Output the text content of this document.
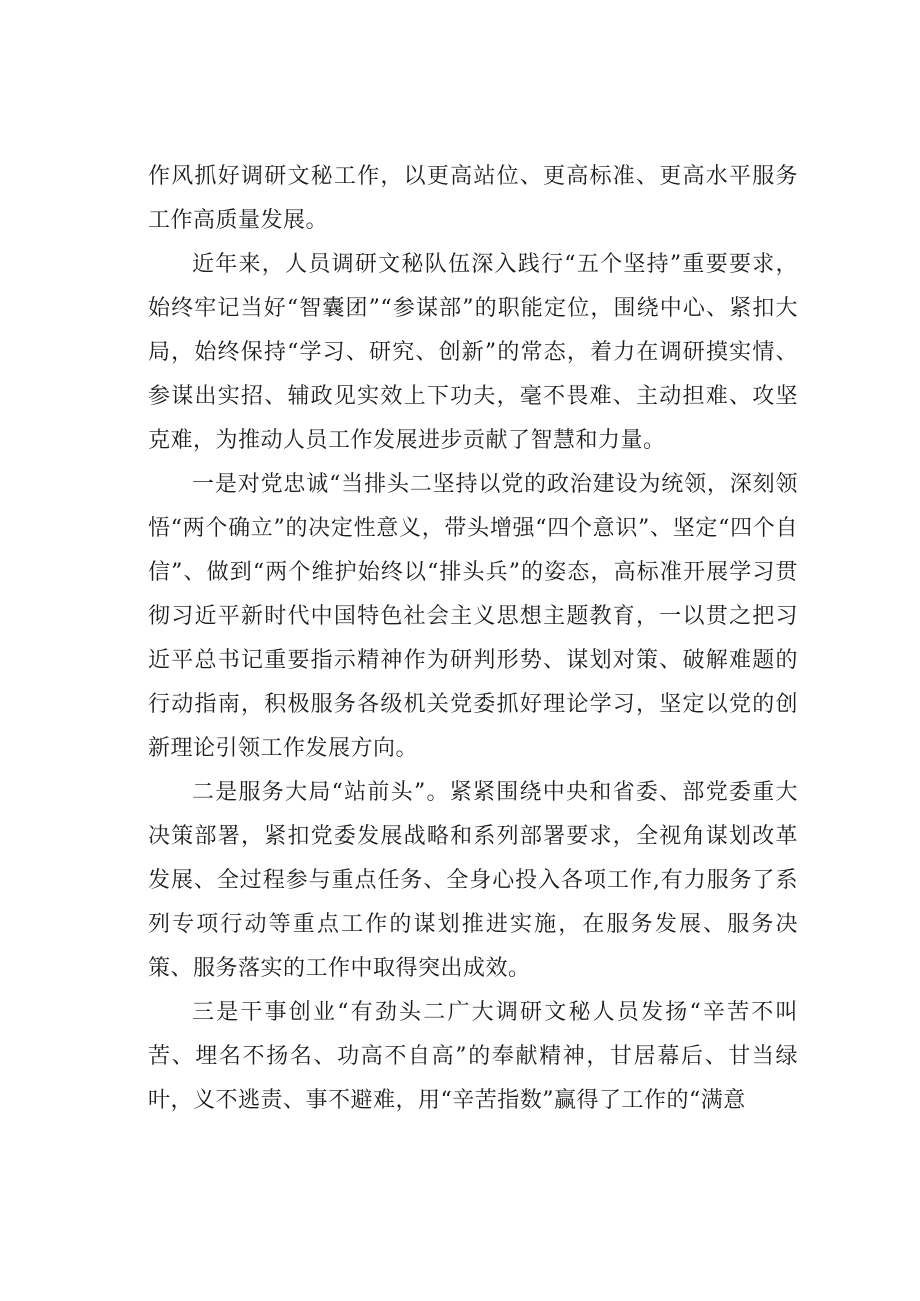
作风抓好调研文秘工作，以更高站位、更高标准、更高水平服务工作高质量发展。

近年来，人员调研文秘队伍深入践行“五个坚持”重要要求，始终牢记当好“智囊团”“参谋部”的职能定位，围绕中心、紧扣大局，始终保持“学习、研究、创新”的常态，着力在调研摸实情、参谋出实招、辅政见实效上下功夫，毫不畏难、主动担难、攻坚克难，为推动人员工作发展进步贡献了智慧和力量。

一是对党忠诚“当排头二坚持以党的政治建设为统领，深刻领悟“两个确立”的决定性意义，带头增强“四个意识”、坚定“四个自信”、做到“两个维护始终以“排头兵”的姿态，高标准开展学习贯彻习近平新时代中国特色社会主义思想主题教育，一以贯之把习近平总书记重要指示精神作为研判形势、谋划对策、破解难题的行动指南，积极服务各级机关党委抓好理论学习，坚定以党的创新理论引领工作发展方向。

二是服务大局“站前头”。紧紧围绕中央和省委、部党委重大决策部署，紧扣党委发展战略和系列部署要求，全视角谋划改革发展、全过程参与重点任务、全身心投入各项工作,有力服务了系列专项行动等重点工作的谋划推进实施，在服务发展、服务决策、服务落实的工作中取得突出成效。

三是干事创业“有劲头二广大调研文秘人员发扬“辛苦不叫苦、埋名不扬名、功高不自高”的奉献精神，甘居幕后、甘当绿叶，义不逃责、事不避难，用“辛苦指数”赢得了工作的“满意
